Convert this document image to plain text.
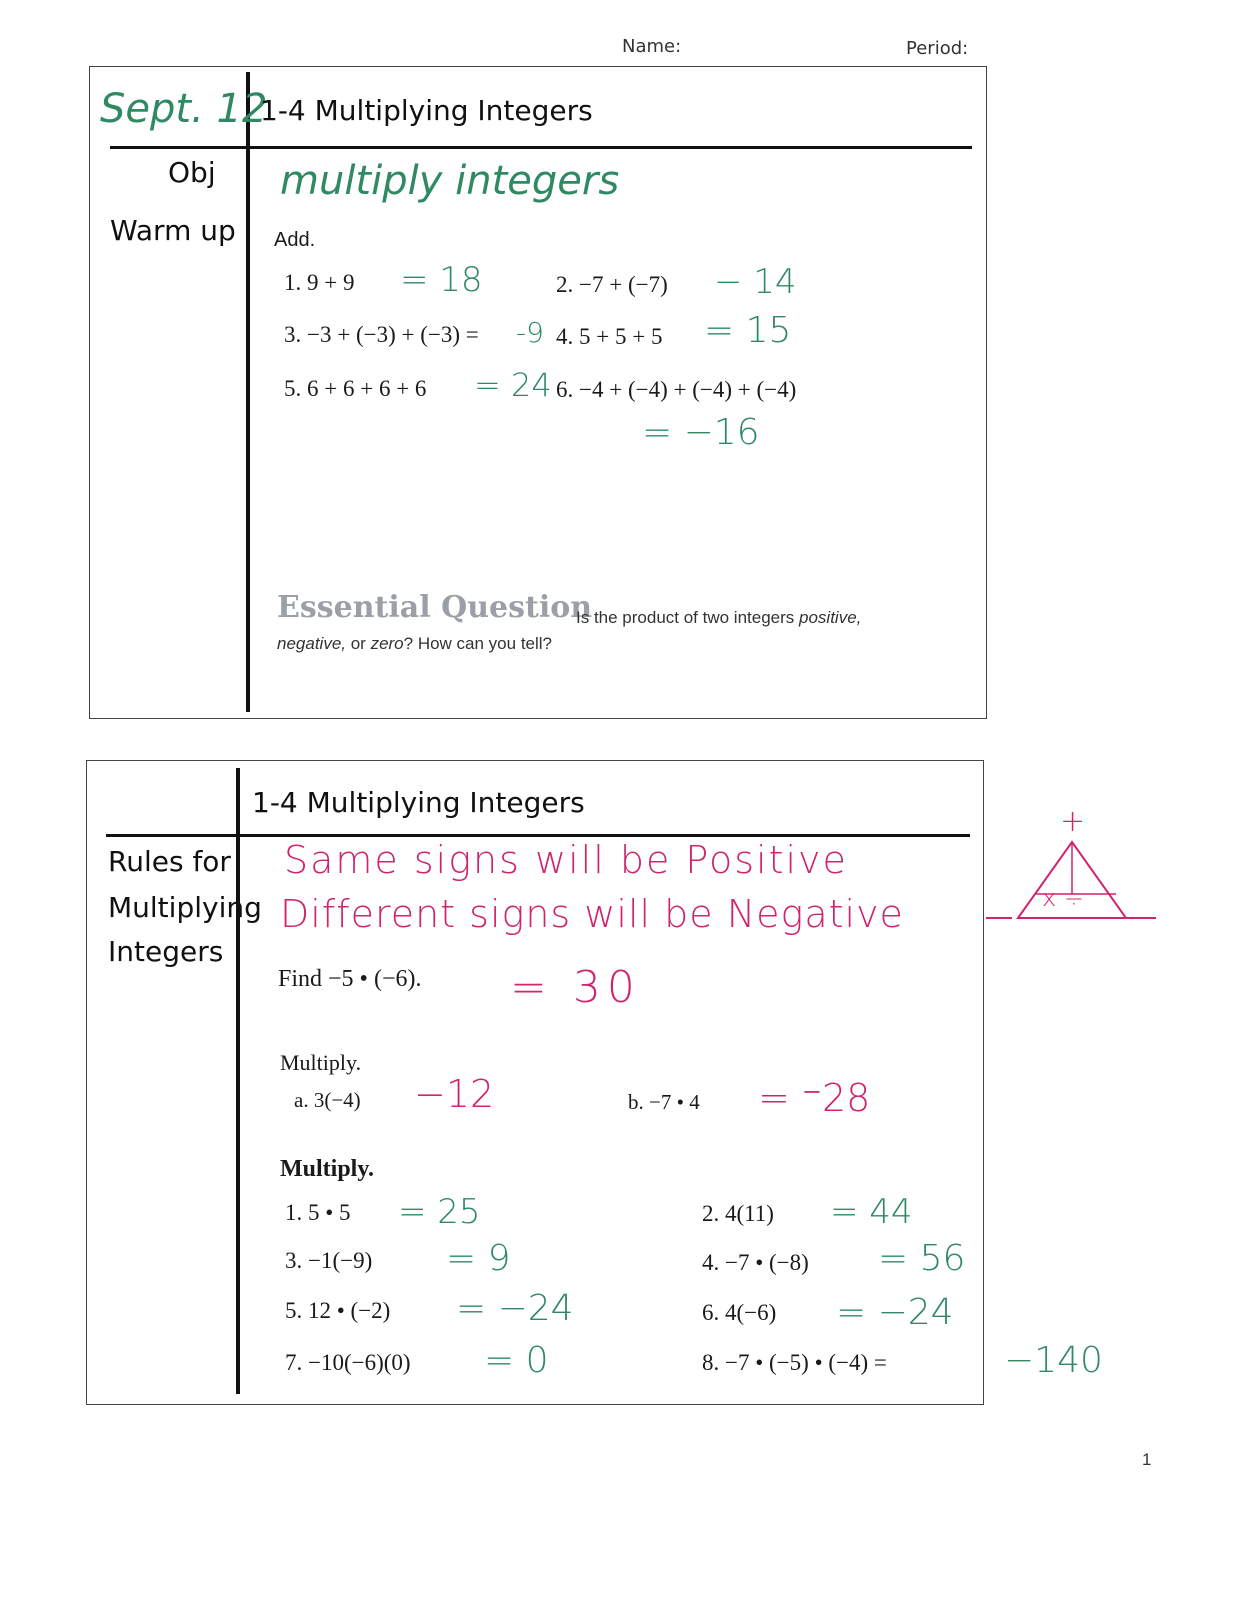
Name:	Period:
Sept. 12
1-4 Multiplying Integers
Obj
Warm up
multiply integers
Add.
1. 9 + 9 = 18	2. −7 + (−7) − 14
3. −3 + (−3) + (−3) = -9 4. 5 + 5 + 5 = 15
5. 6 + 6 + 6 + 6 = 24 6. −4 + (−4) + (−4) + (−4)
= −16
Essential Question
Is the product of two integers positive,
negative, or zero? How can you tell?
1-4 Multiplying Integers
Rules for
Multiplying
Integers
Same signs will be Positive
Different signs will be Negative
+
x ÷
Find −5 • (−6). = 30
Multiply.
a. 3(−4) −12	b. −7 • 4 = ⁻28
Multiply.
1. 5 • 5 = 25	2. 4(11) = 44
3. −1(−9) = 9	4. −7 • (−8) = 56
5. 12 • (−2) = −24	6. 4(−6) = −24
7. −10(−6)(0) = 0	8. −7 • (−5) • (−4) =	−140
1
